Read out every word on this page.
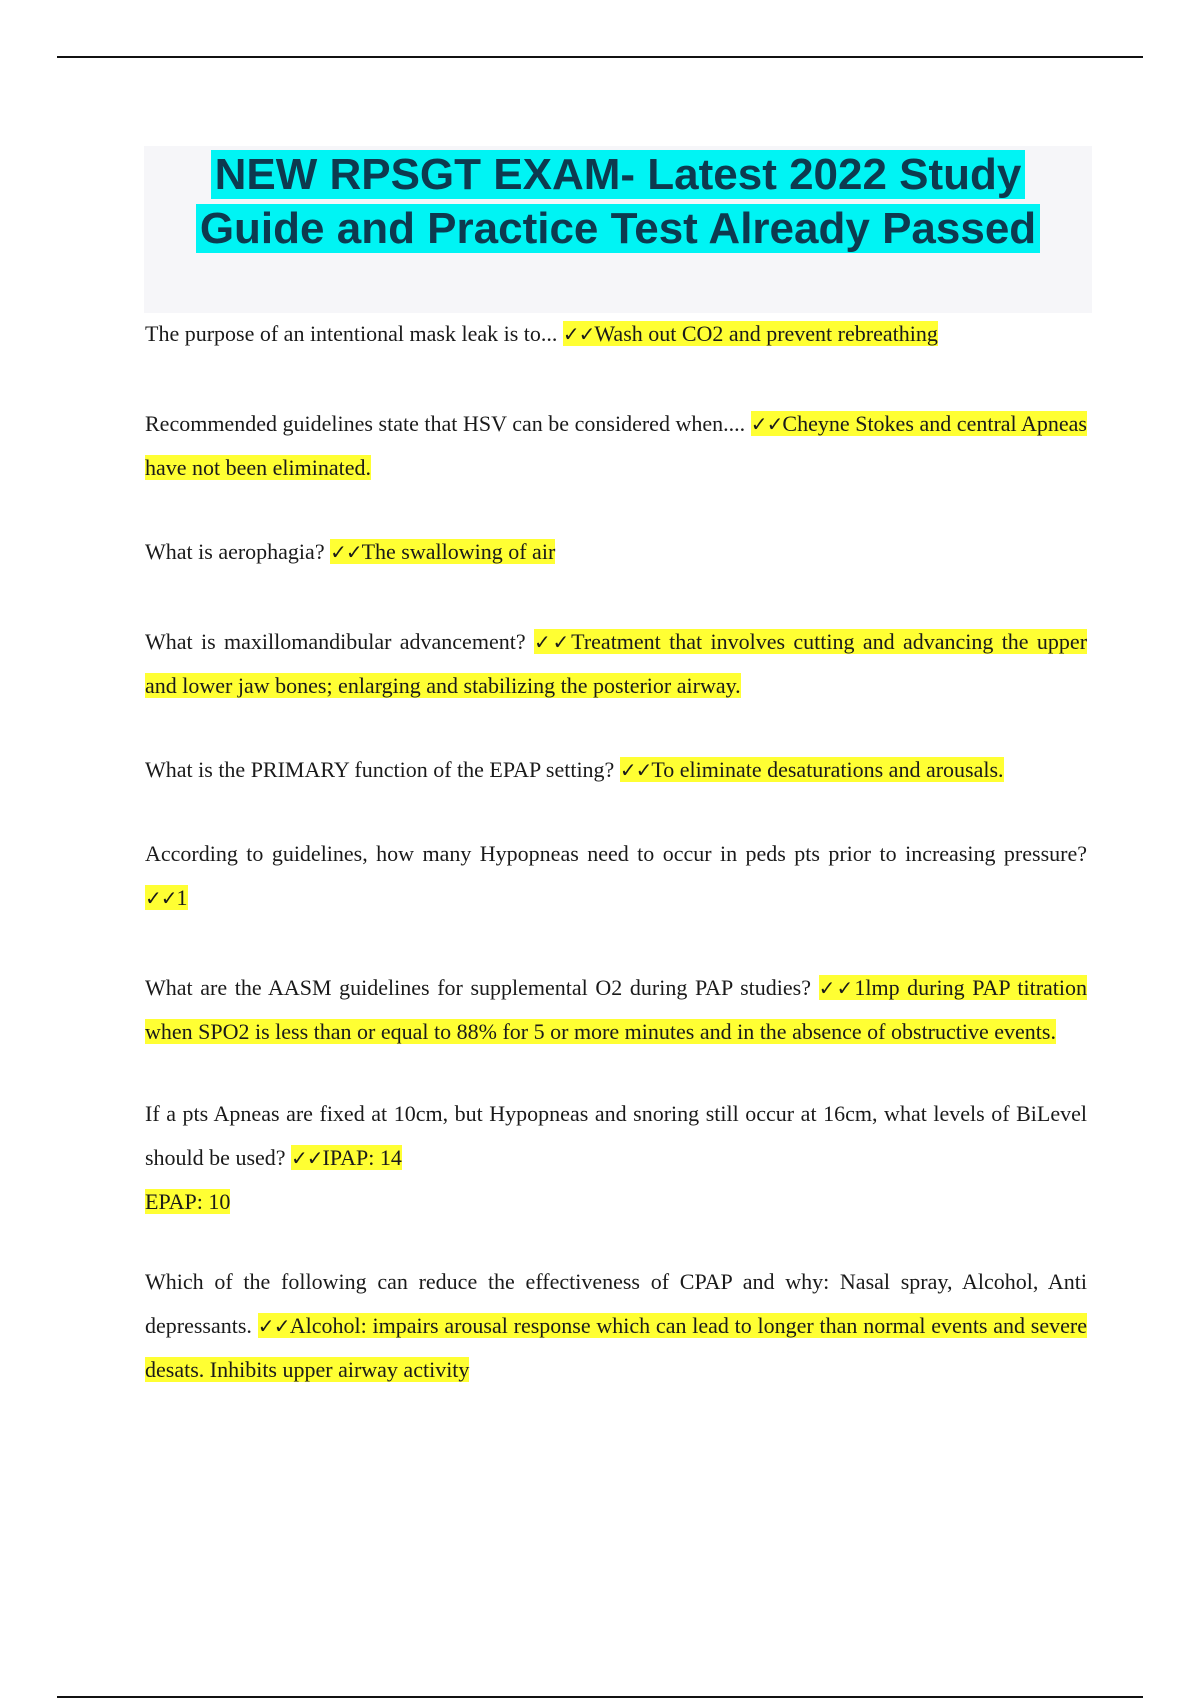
NEW RPSGT EXAM- Latest 2022 Study
Guide and Practice Test Already Passed

The purpose of an intentional mask leak is to... ✓✓Wash out CO2 and prevent rebreathing

Recommended guidelines state that HSV can be considered when.... ✓✓Cheyne Stokes and central Apneas have not been eliminated.

What is aerophagia? ✓✓The swallowing of air

What is maxillomandibular advancement? ✓✓Treatment that involves cutting and advancing the upper and lower jaw bones; enlarging and stabilizing the posterior airway.

What is the PRIMARY function of the EPAP setting? ✓✓To eliminate desaturations and arousals.

According to guidelines, how many Hypopneas need to occur in peds pts prior to increasing pressure? ✓✓1

What are the AASM guidelines for supplemental O2 during PAP studies? ✓✓1lmp during PAP titration when SPO2 is less than or equal to 88% for 5 or more minutes and in the absence of obstructive events.

If a pts Apneas are fixed at 10cm, but Hypopneas and snoring still occur at 16cm, what levels of BiLevel should be used? ✓✓IPAP: 14
EPAP: 10

Which of the following can reduce the effectiveness of CPAP and why: Nasal spray, Alcohol, Anti depressants. ✓✓Alcohol: impairs arousal response which can lead to longer than normal events and severe desats. Inhibits upper airway activity
